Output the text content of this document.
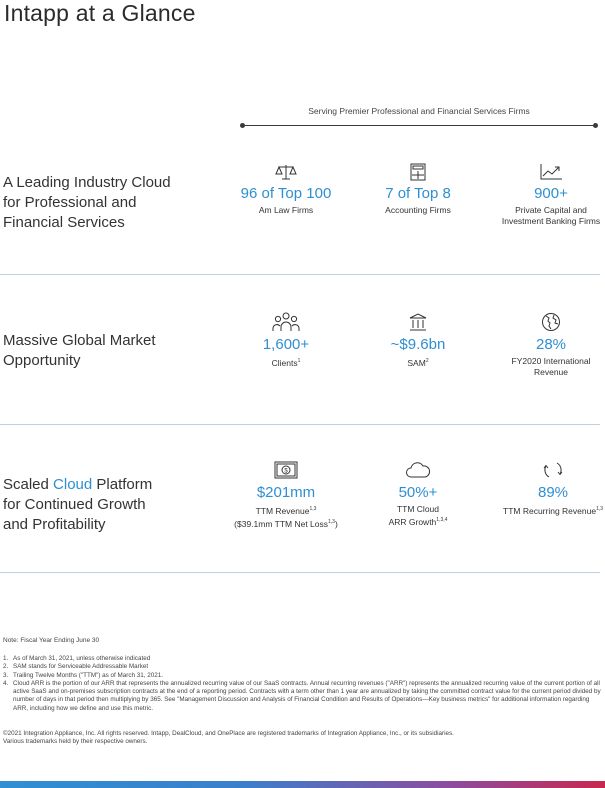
Intapp at a Glance
Serving Premier Professional and Financial Services Firms
A Leading Industry Cloud
for Professional and
Financial Services
96 of Top 100
Am Law Firms
7 of Top 8
Accounting Firms
900+
Private Capital and
Investment Banking Firms
Massive Global Market
Opportunity
1,600+
Clients$^1$
~$9.6bn
SAM$^2$
28%
FY2020 International
Revenue
Scaled Cloud Platform
for Continued Growth
and Profitability
$
$201mm
TTM Revenue$^{1,3}$
($39.1mm TTM Net Loss$^{1,3}$)
50%+
TTM Cloud
ARR Growth$^{1,3,4}$
89%
TTM Recurring Revenue$^{1,3}$
Note: Fiscal Year Ending June 30
1. As of March 31, 2021, unless otherwise indicated
2. SAM stands for Serviceable Addressable Market
3. Trailing Twelve Months ("TTM") as of March 31, 2021.
4. Cloud ARR is the portion of our ARR that represents the annualized recurring value of our SaaS contracts. Annual recurring revenues ("ARR") represents the annualized recurring value of the current portion of all active SaaS and on-premises subscription contracts at the end of a reporting period. Contracts with a term other than 1 year are annualized by taking the committed contract value for the current period divided by number of days in that period then multiplying by 365. See "Management Discussion and Analysis of Financial Condition and Results of Operations—Key business metrics" for additional information regarding ARR, including how we define and use this metric.
©2021 Integration Appliance, Inc. All rights reserved. Intapp, DealCloud, and OnePlace are registered trademarks of Integration Appliance, Inc., or its subsidiaries.
Various trademarks held by their respective owners.
